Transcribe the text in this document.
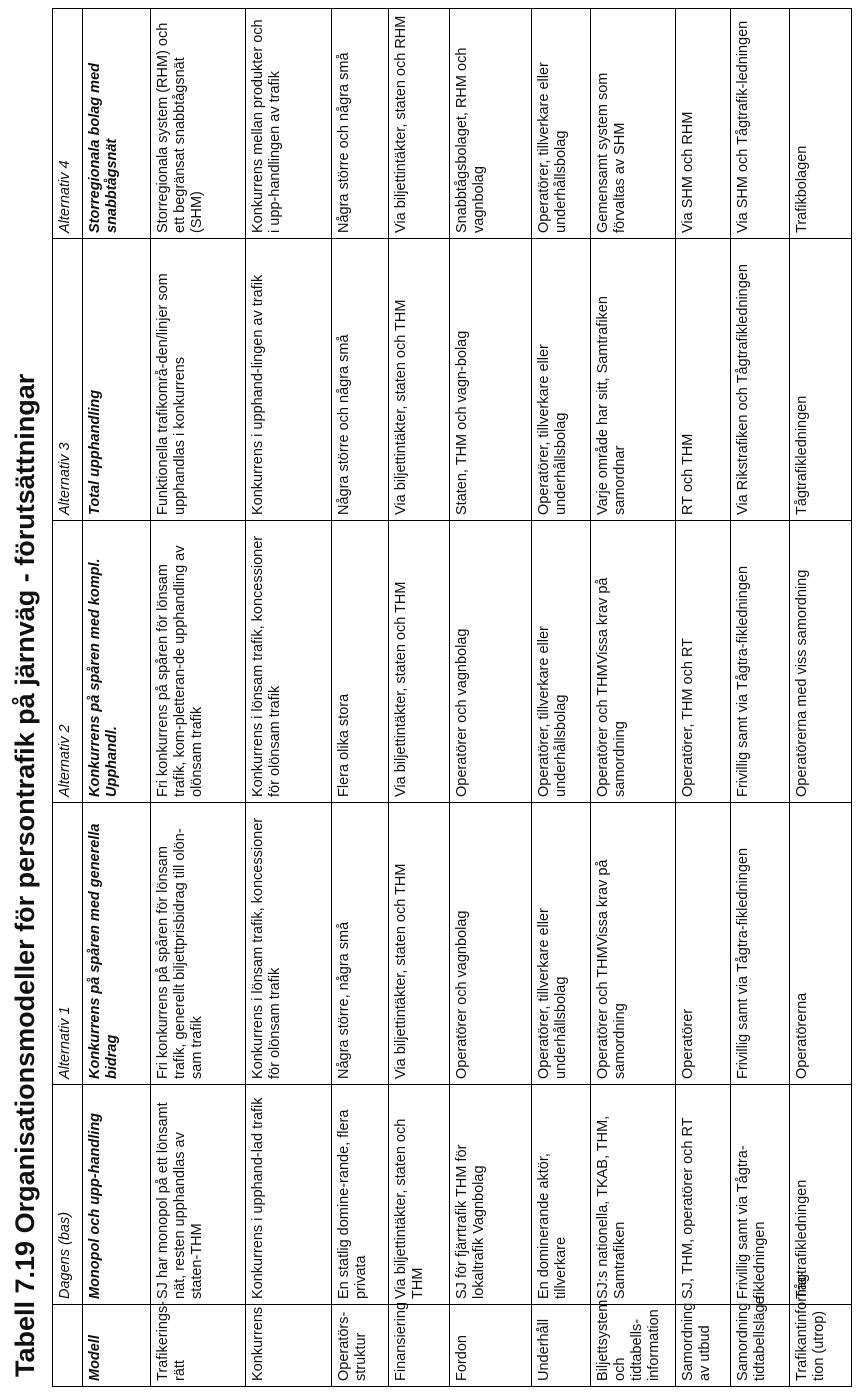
Tabell 7.19 Organisationsmodeller för persontrafik på järnväg - förutsättningar
	Dagens (bas)	Alternativ 1	Alternativ 2	Alternativ 3	Alternativ 4
Modell	Monopol och upp-handling	Konkurrens på spåren med generella bidrag	Konkurrens på spåren med kompl. Upphandl.	Total upphandling	Storregionala bolag med snabbtågsnät
Trafikerings-rätt	SJ har monopol på ett lönsamt nät, resten upphandlas av staten-THM	Fri konkurrens på spåren för lönsam trafik, generellt biljettprisbidrag till olön-sam trafik	Fri konkurrens på spåren för lönsam trafik, kom-pletteran-de upphandling av olönsam trafik	Funktionella trafikområ-den/linjer som upphandlas i konkurrens	Storregionala system (RHM) och ett begränsat snabbtågsnät (SHM)
Konkurrens	Konkurrens i upphand-lad trafik	Konkurrens i lönsam trafik, koncessioner för olönsam trafik	Konkurrens i lönsam trafik, koncessioner för olönsam trafik	Konkurrens i upphand-lingen av trafik	Konkurrens mellan produkter och i upp-handlingen av trafik
Operatörs-struktur	En statlig domine-rande, flera privata	Några större, några små	Flera olika stora	Några större och några små	Några större och några små
Finansiering	Via biljettintäkter, staten och THM	Via biljettintäkter, staten och THM	Via biljettintäkter, staten och THM	Via biljettintäkter, staten och THM	Via biljettintäkter, staten och RHM
Fordon	SJ för fjärrtrafik THM för lokaltrafik Vagnbolag	Operatörer och vagnbolag	Operatörer och vagnbolag	Staten, THM och vagn-bolag	Snabbtågsbolaget, RHM och vagnbolag
Underhåll	En dominerande aktör, tillverkare	Operatörer, tillverkare eller underhållsbolag	Operatörer, tillverkare eller underhållsbolag	Operatörer, tillverkare eller underhållsbolag	Operatörer, tillverkare eller underhållsbolag
Biljettsystem och tidtabells-information	SJ:s nationella, TKAB, THM, Samtrafiken	Operatörer och THMVissa krav på samordning	Operatörer och THMVissa krav på samordning	Varje område har sitt, Samtrafiken samordnar	Gemensamt system som förvaltas av SHM
Samordning av utbud	SJ, THM, operatörer och RT	Operatörer	Operatörer, THM och RT	RT och THM	Via SHM och RHM
Samordning tidtabellsläge	Frivillig samt via Tågtra-fikledningen	Frivillig samt via Tågtra-fikledningen	Frivillig samt via Tågtra-fikledningen	Via Rikstrafiken och Tågtrafikledningen	Via SHM och Tågtrafik-ledningen
Trafikantinforma-tion (utrop)	Tågtrafikledningen	Operatörerna	Operatörerna med viss samordning	Tågtrafikledningen	Trafikbolagen
